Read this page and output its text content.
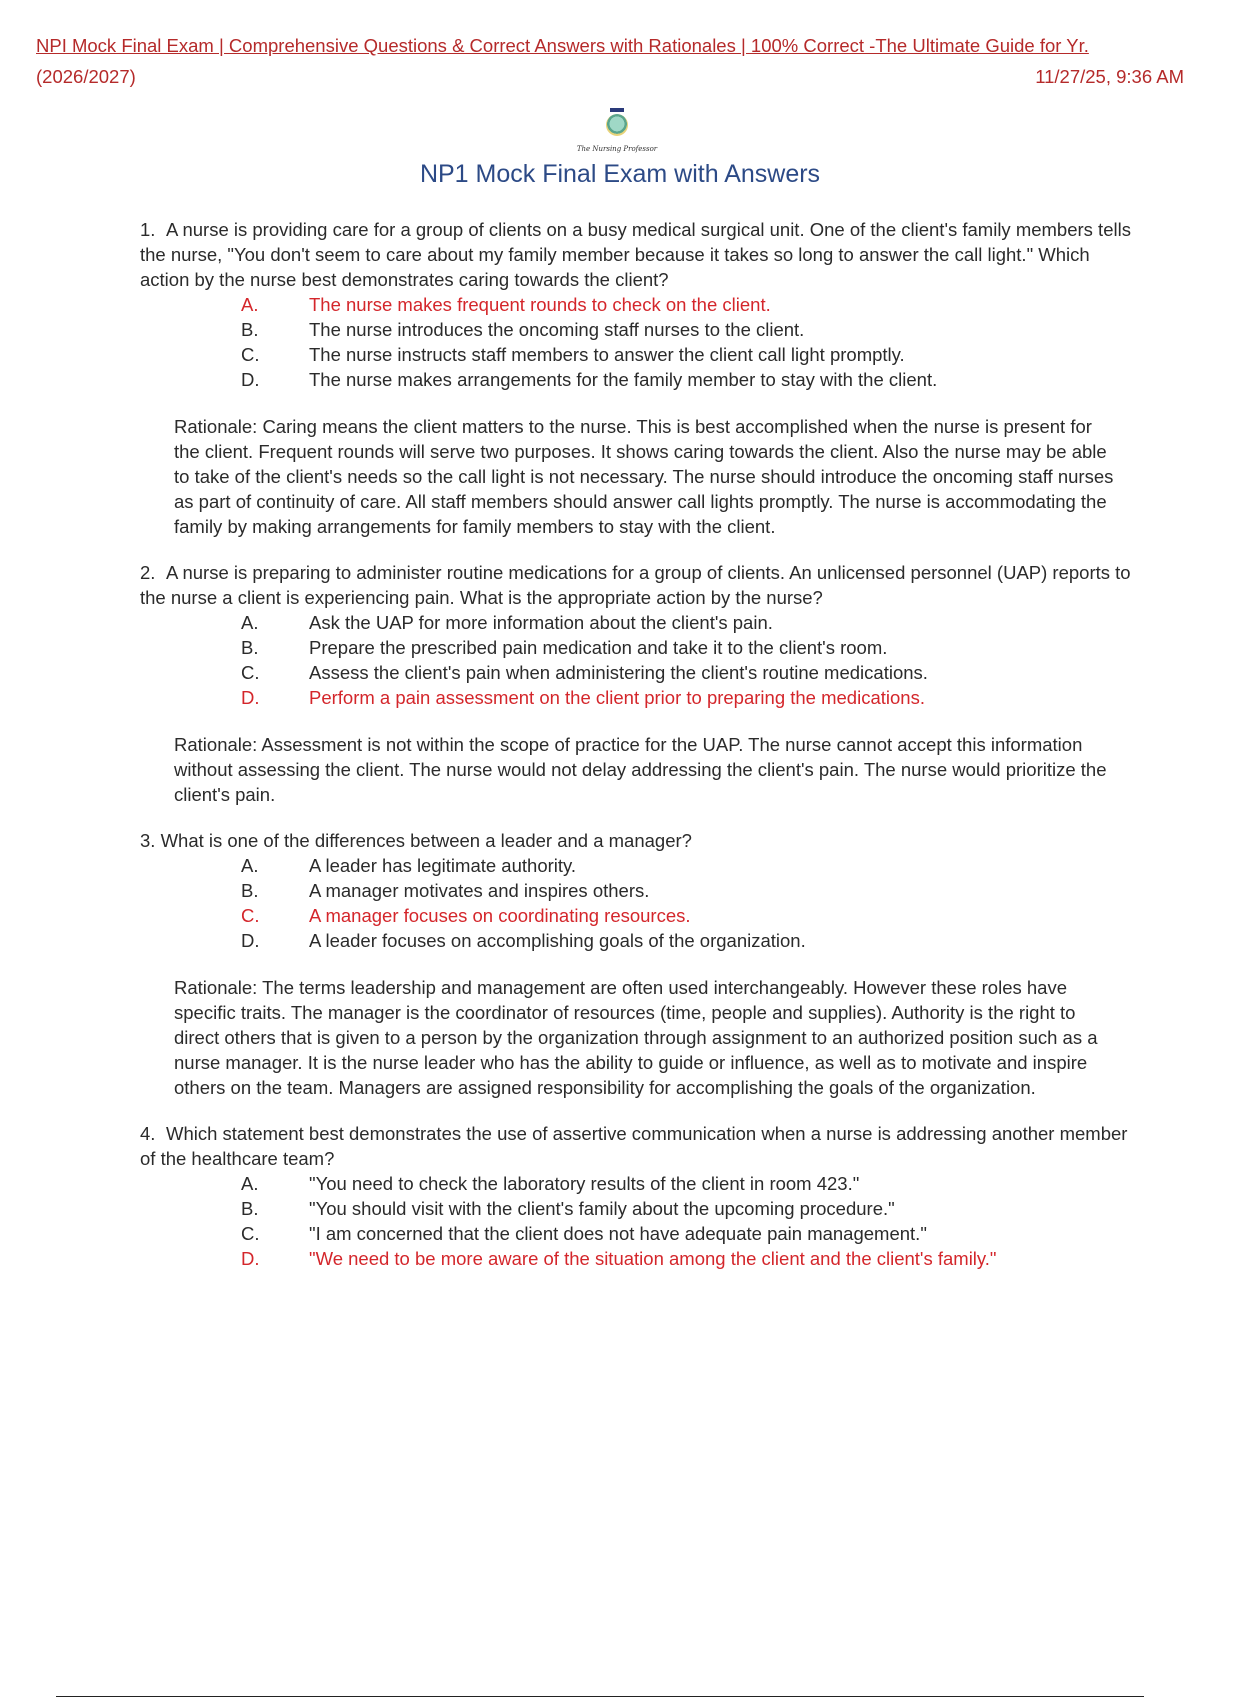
NPI Mock Final Exam | Comprehensive Questions & Correct Answers with Rationales | 100% Correct -The Ultimate Guide for Yr.
(2026/2027)	11/27/25, 9:36 AM
The Nursing Professor
NP1 Mock Final Exam with Answers

1. A nurse is providing care for a group of clients on a busy medical surgical unit. One of the client's family members tells the nurse, "You don't seem to care about my family member because it takes so long to answer the call light." Which action by the nurse best demonstrates caring towards the client?

A.	The nurse makes frequent rounds to check on the client.
B.	The nurse introduces the oncoming staff nurses to the client.
C.	The nurse instructs staff members to answer the client call light promptly.
D.	The nurse makes arrangements for the family member to stay with the client.

Rationale: Caring means the client matters to the nurse. This is best accomplished when the nurse is present for the client. Frequent rounds will serve two purposes. It shows caring towards the client. Also the nurse may be able to take of the client's needs so the call light is not necessary. The nurse should introduce the oncoming staff nurses as part of continuity of care. All staff members should answer call lights promptly. The nurse is accommodating the family by making arrangements for family members to stay with the client.

2. A nurse is preparing to administer routine medications for a group of clients. An unlicensed personnel (UAP) reports to the nurse a client is experiencing pain. What is the appropriate action by the nurse?

A.	Ask the UAP for more information about the client's pain.
B.	Prepare the prescribed pain medication and take it to the client's room.
C.	Assess the client's pain when administering the client's routine medications.
D.	Perform a pain assessment on the client prior to preparing the medications.

Rationale: Assessment is not within the scope of practice for the UAP. The nurse cannot accept this information without assessing the client. The nurse would not delay addressing the client's pain. The nurse would prioritize the client's pain.

3. What is one of the differences between a leader and a manager?

A.	A leader has legitimate authority.
B.	A manager motivates and inspires others.
C.	A manager focuses on coordinating resources.
D.	A leader focuses on accomplishing goals of the organization.

Rationale: The terms leadership and management are often used interchangeably. However these roles have specific traits. The manager is the coordinator of resources (time, people and supplies). Authority is the right to direct others that is given to a person by the organization through assignment to an authorized position such as a nurse manager. It is the nurse leader who has the ability to guide or influence, as well as to motivate and inspire others on the team. Managers are assigned responsibility for accomplishing the goals of the organization.

4. Which statement best demonstrates the use of assertive communication when a nurse is addressing another member of the healthcare team?

A.	"You need to check the laboratory results of the client in room 423."
B.	"You should visit with the client's family about the upcoming procedure."
C.	"I am concerned that the client does not have adequate pain management."
D.	"We need to be more aware of the situation among the client and the client's family."
